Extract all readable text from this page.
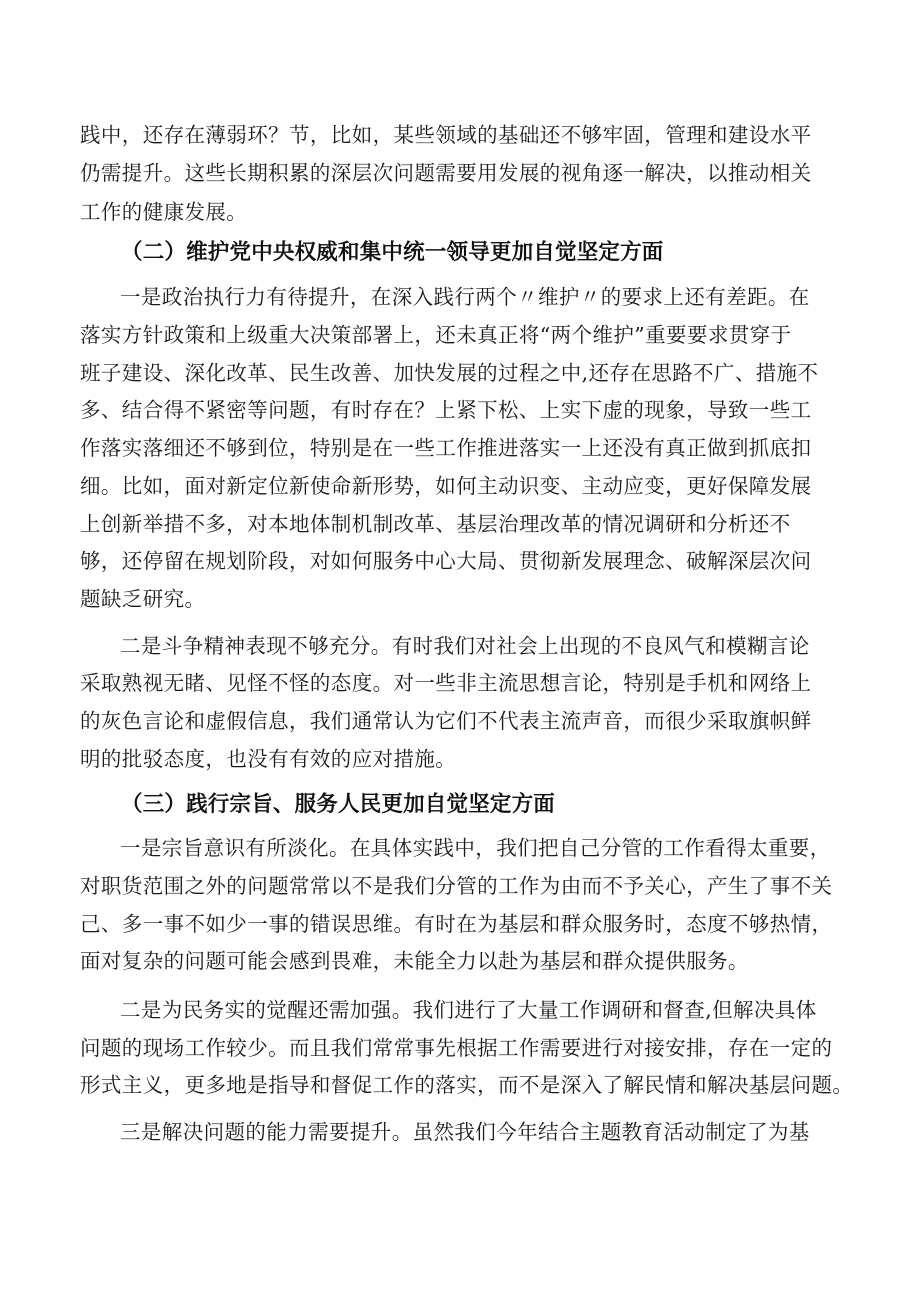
践中，还存在薄弱环？节，比如，某些领域的基础还不够牢固，管理和建设水平
仍需提升。这些长期积累的深层次问题需要用发展的视角逐一解决，以推动相关
工作的健康发展。
（二）维护党中央权威和集中统一领导更加自觉坚定方面
一是政治执行力有待提升，在深入践行两个〃维护〃的要求上还有差距。在
落实方针政策和上级重大决策部署上，还未真正将“两个维护”重要要求贯穿于
班子建设、深化改革、民生改善、加快发展的过程之中,还存在思路不广、措施不
多、结合得不紧密等问题，有时存在？上紧下松、上实下虚的现象，导致一些工
作落实落细还不够到位，特别是在一些工作推进落实一上还没有真正做到抓底扣
细。比如，面对新定位新使命新形势，如何主动识变、主动应变，更好保障发展
上创新举措不多，对本地体制机制改革、基层治理改革的情况调研和分析还不
够，还停留在规划阶段，对如何服务中心大局、贯彻新发展理念、破解深层次问
题缺乏研究。
二是斗争精神表现不够充分。有时我们对社会上出现的不良风气和模糊言论
采取熟视无睹、见怪不怪的态度。对一些非主流思想言论，特别是手机和网络上
的灰色言论和虚假信息，我们通常认为它们不代表主流声音，而很少采取旗帜鲜
明的批驳态度，也没有有效的应对措施。
（三）践行宗旨、服务人民更加自觉坚定方面
一是宗旨意识有所淡化。在具体实践中，我们把自己分管的工作看得太重要，
对职货范围之外的问题常常以不是我们分管的工作为由而不予关心，产生了事不关
己、多一事不如少一事的错误思维。有时在为基层和群众服务时，态度不够热情，
面对复杂的问题可能会感到畏难，未能全力以赴为基层和群众提供服务。
二是为民务实的觉醒还需加强。我们进行了大量工作调研和督查,但解决具体
问题的现场工作较少。而且我们常常事先根据工作需要进行对接安排，存在一定的
形式主义，更多地是指导和督促工作的落实，而不是深入了解民情和解决基层问题。
三是解决问题的能力需要提升。虽然我们今年结合主题教育活动制定了为基
